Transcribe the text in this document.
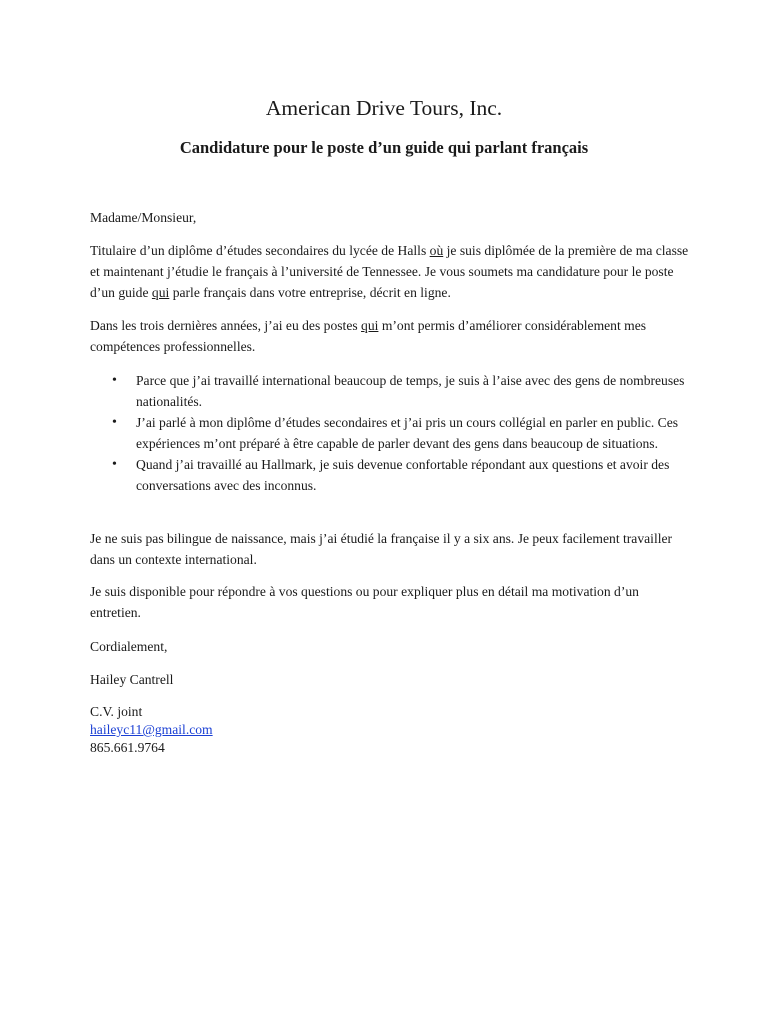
American Drive Tours, Inc.
Candidature pour le poste d’un guide qui parlant français

Madame/Monsieur,

Titulaire d’un diplôme d’études secondaires du lycée de Halls où je suis diplômée de la première de ma classe et maintenant j’étudie le français à l’université de Tennessee. Je vous soumets ma candidature pour le poste d’un guide qui parle français dans votre entreprise, décrit en ligne.

Dans les trois dernières années, j’ai eu des postes qui m’ont permis d’améliorer considérablement mes compétences professionnelles.

• Parce que j’ai travaillé international beaucoup de temps, je suis à l’aise avec des gens de nombreuses nationalités.
• J’ai parlé à mon diplôme d’études secondaires et j’ai pris un cours collégial en parler en public. Ces expériences m’ont préparé à être capable de parler devant des gens dans beaucoup de situations.
• Quand j’ai travaillé au Hallmark, je suis devenue confortable répondant aux questions et avoir des conversations avec des inconnus.

Je ne suis pas bilingue de naissance, mais j’ai étudié la française il y a six ans. Je peux facilement travailler dans un contexte international.

Je suis disponible pour répondre à vos questions ou pour expliquer plus en détail ma motivation d’un entretien.

Cordialement,

Hailey Cantrell

C.V. joint
haileyc11@gmail.com
865.661.9764
